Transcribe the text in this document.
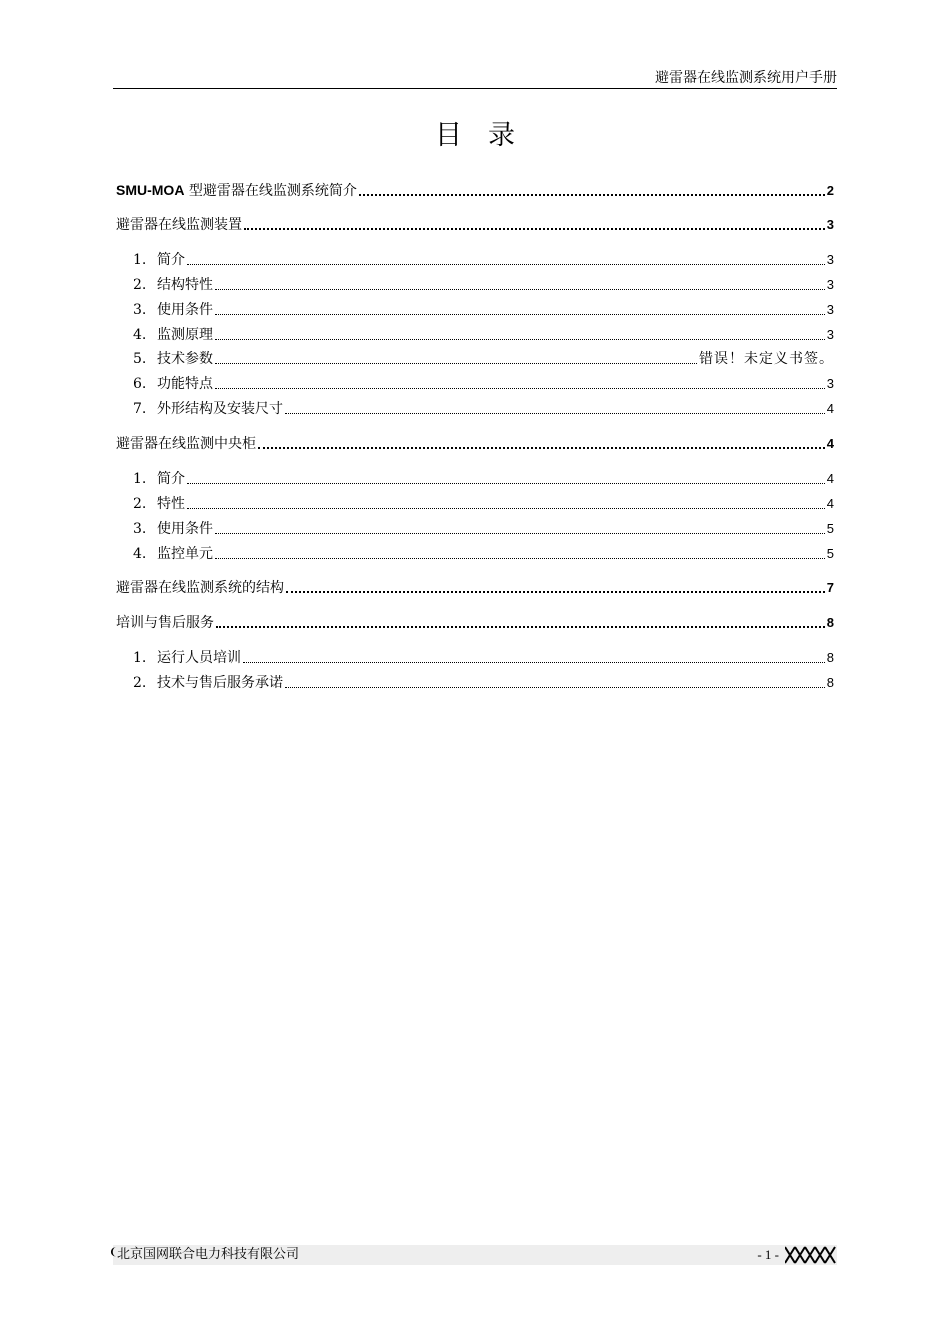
避雷器在线监测系统用户手册
目录
SMU-MOA 型避雷器在线监测系统简介	2
避雷器在线监测装置	3
1. 简介	3
2. 结构特性	3
3. 使用条件	3
4. 监测原理	3
5. 技术参数	错误！未定义书签。
6. 功能特点	3
7. 外形结构及安装尺寸	4
避雷器在线监测中央柜	4
1. 简介	4
2. 特性	4
3. 使用条件	5
4. 监控单元	5
避雷器在线监测系统的结构	7
培训与售后服务	8
1. 运行人员培训	8
2. 技术与售后服务承诺	8
❨ 北京国网联合电力科技有限公司	- 1 -
